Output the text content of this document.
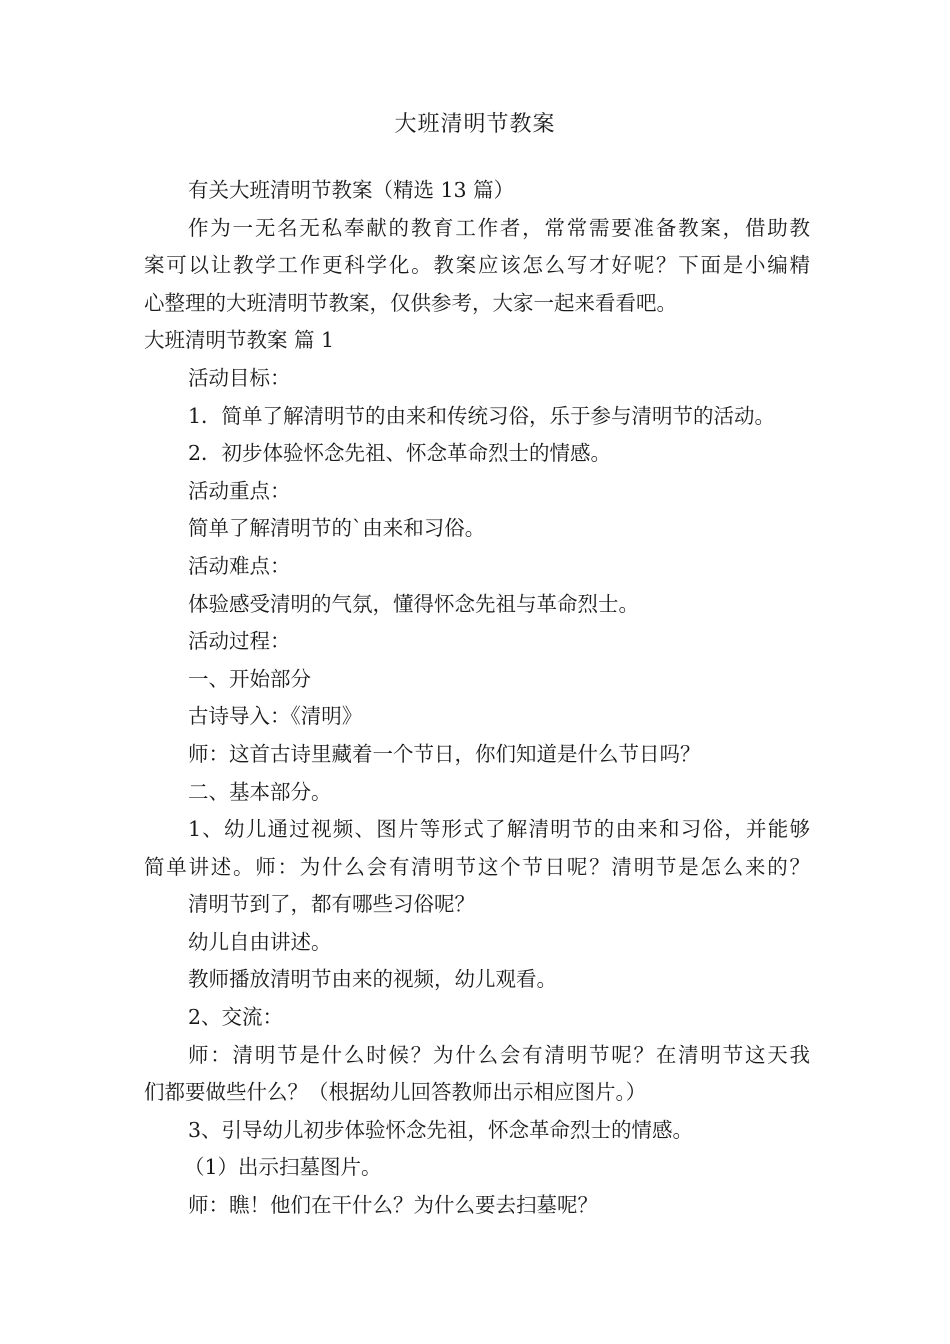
大班清明节教案
有关大班清明节教案（精选 13 篇）
作为一无名无私奉献的教育工作者，常常需要准备教案，借助教
案可以让教学工作更科学化。教案应该怎么写才好呢？下面是小编精
心整理的大班清明节教案，仅供参考，大家一起来看看吧。
大班清明节教案 篇 1
活动目标：
1．简单了解清明节的由来和传统习俗，乐于参与清明节的活动。
2．初步体验怀念先祖、怀念革命烈士的情感。
活动重点：
简单了解清明节的`由来和习俗。
活动难点：
体验感受清明的气氛，懂得怀念先祖与革命烈士。
活动过程：
一、开始部分
古诗导入：《清明》
师：这首古诗里藏着一个节日，你们知道是什么节日吗？
二、基本部分。
1、幼儿通过视频、图片等形式了解清明节的由来和习俗，并能够
简单讲述。师：为什么会有清明节这个节日呢？清明节是怎么来的？
清明节到了，都有哪些习俗呢？
幼儿自由讲述。
教师播放清明节由来的视频，幼儿观看。
2、交流：
师：清明节是什么时候？为什么会有清明节呢？在清明节这天我
们都要做些什么？（根据幼儿回答教师出示相应图片。）
3、引导幼儿初步体验怀念先祖，怀念革命烈士的情感。
（1）出示扫墓图片。
师：瞧！他们在干什么？为什么要去扫墓呢？
